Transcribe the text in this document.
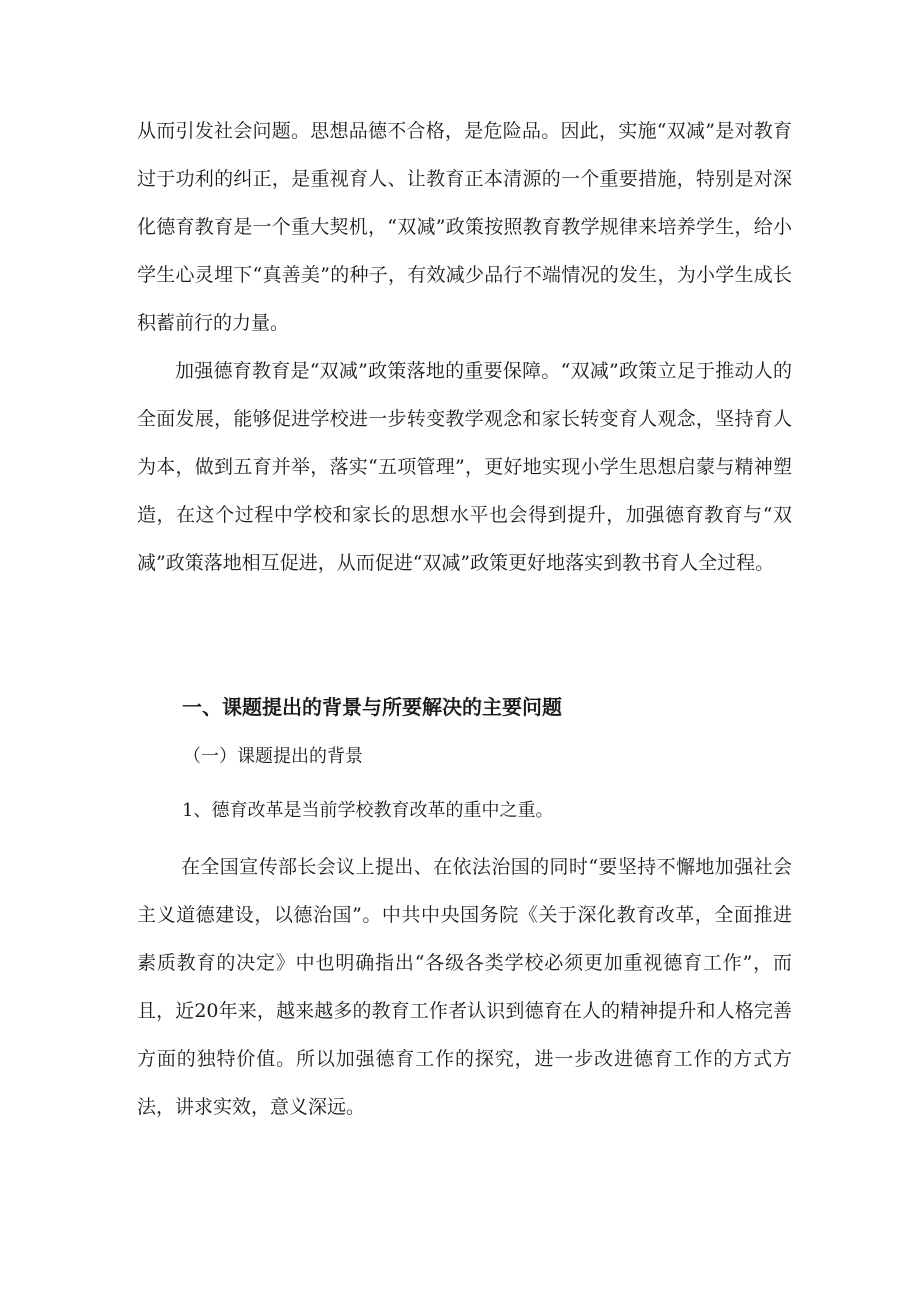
从而引发社会问题。思想品德不合格，是危险品。因此，实施“双减”是对教育过于功利的纠正，是重视育人、让教育正本清源的一个重要措施，特别是对深化德育教育是一个重大契机，“双减”政策按照教育教学规律来培养学生，给小学生心灵埋下“真善美”的种子，有效减少品行不端情况的发生，为小学生成长积蓄前行的力量。

加强德育教育是“双减”政策落地的重要保障。“双减”政策立足于推动人的全面发展，能够促进学校进一步转变教学观念和家长转变育人观念，坚持育人为本，做到五育并举，落实“五项管理”，更好地实现小学生思想启蒙与精神塑造，在这个过程中学校和家长的思想水平也会得到提升，加强德育教育与“双减”政策落地相互促进，从而促进“双减”政策更好地落实到教书育人全过程。

一、课题提出的背景与所要解决的主要问题

（一）课题提出的背景

1、德育改革是当前学校教育改革的重中之重。

在全国宣传部长会议上提出、在依法治国的同时“要坚持不懈地加强社会主义道德建设，以德治国”。中共中央国务院《关于深化教育改革，全面推进素质教育的决定》中也明确指出“各级各类学校必须更加重视德育工作”，而且，近20年来，越来越多的教育工作者认识到德育在人的精神提升和人格完善方面的独特价值。所以加强德育工作的探究，进一步改进德育工作的方式方法，讲求实效，意义深远。
